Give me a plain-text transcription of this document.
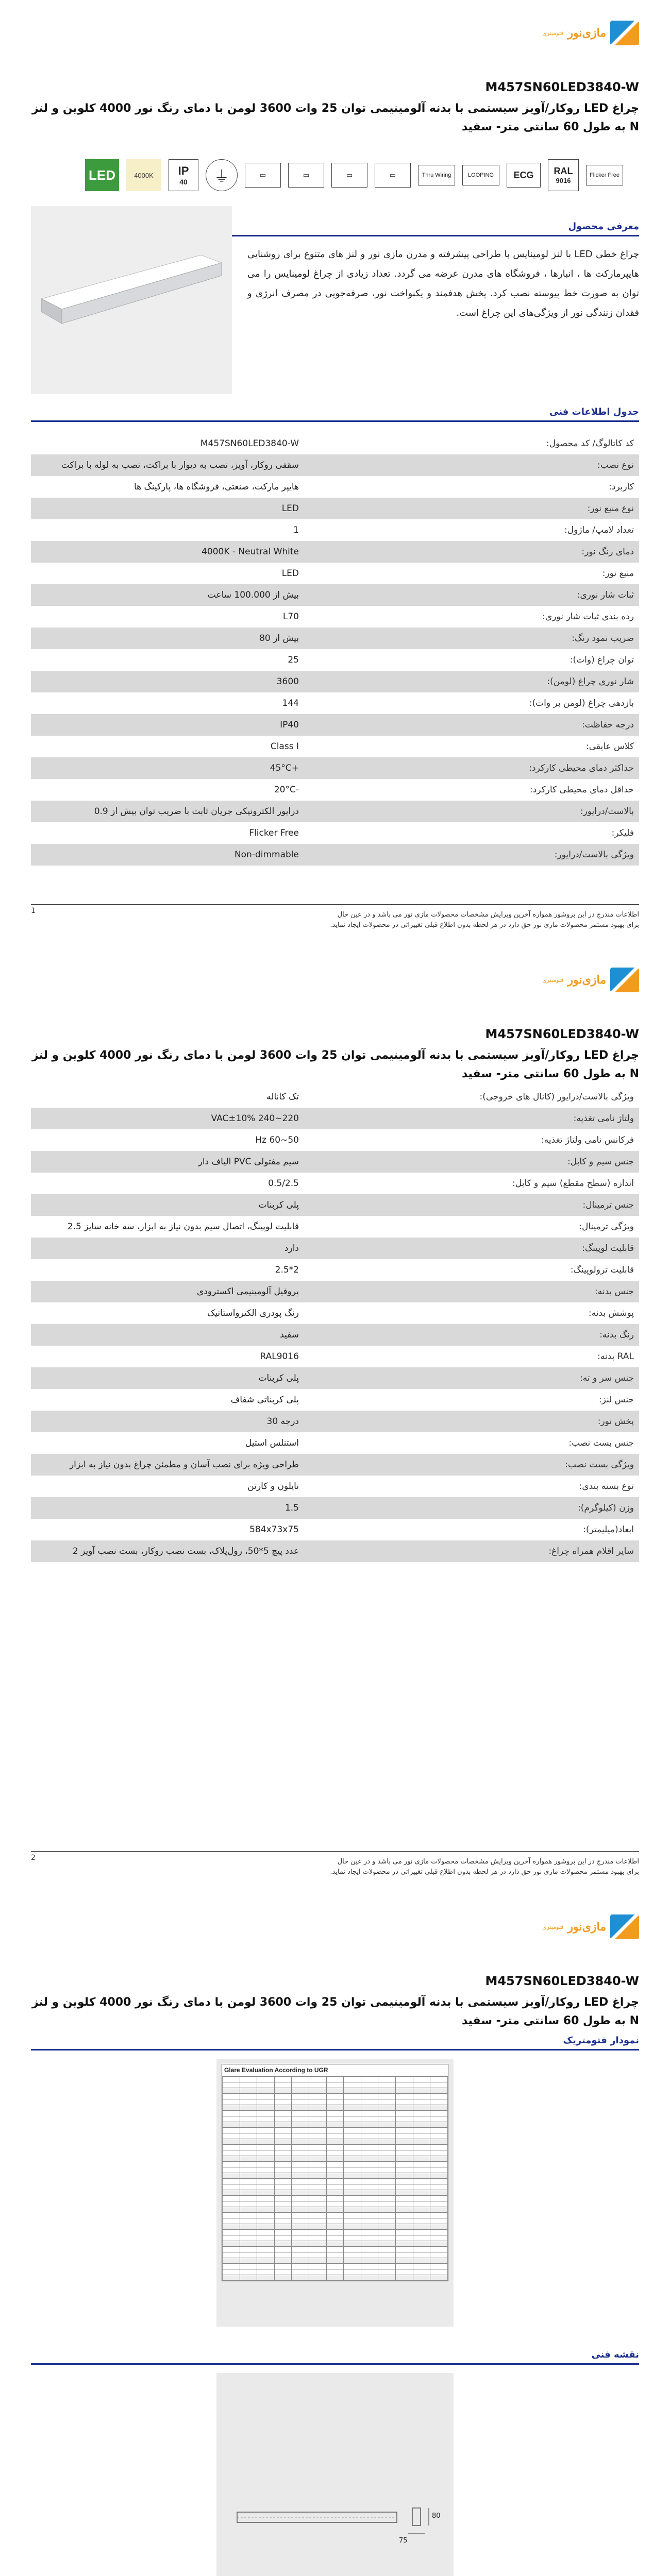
فتوميترى مازی‌نور
M457SN60LED3840-W
چراغ LED روکار/آویز سیستمی با بدنه آلومینیمی توان 25 وات 3600 لومن با دمای رنگ نور 4000 کلوین و لنز N به طول 60 سانتی متر- سفید
LED	4000K	IP
40	⏚	▭	▭	▭	▭	Thru Wiring	LOOPING	ECG	RAL
9016
Flicker Free
معرفی محصول
چراغ خطی LED با لنز لومینایس با طراحی پیشرفته و مدرن مازی نور و لنز های متنوع برای روشنایی هایپرمارکت ها ، انبارها ، فروشگاه های مدرن عرضه می گردد. تعداد زیادی از چراغ لومینایس را می توان به صورت خط پیوسته نصب کرد. پخش هدفمند و یکنواخت نور، صرفه‌جویی در مصرف انرژی و فقدان زنندگی نور از ویژگی‌های این چراغ است.
جدول اطلاعات فنی
کد کاتالوگ/ کد محصول:
M457SN60LED3840-W
نوع نصب:
سقفی روکار، آویز، نصب به دیوار با براکت، نصب به لوله با براکت
کاربرد:
هایپر مارکت، صنعتی، فروشگاه ها، پارکینگ ها
نوع منبع نور:
LED
تعداد لامپ/ ماژول:
1
دمای رنگ نور:
4000K - Neutral White
منبع نور:
LED
ثبات شار نوری:
بیش از 100.000 ساعت
رده بندی ثبات شار نوری:
L70
ضریب نمود رنگ:
بیش از 80
توان چراغ (وات):
25
شار نوری چراغ (لومن):
3600
بازدهی چراغ (لومن بر وات):
144
درجه حفاظت:
IP40
کلاس عایقی:
Class I
حداکثر دمای محیطی کارکرد:
+45°C
حداقل دمای محیطی کارکرد:
-20°C
بالاست/درایور:
درایور الکترونیکی جریان ثابت با ضریب توان بیش از 0.9
فلیکر:
Flicker Free
ویژگی بالاست/درایور:
Non-dimmable
اطلاعات مندرج در این بروشور همواره آخرین ویرایش مشخصات محصولات مازی نور می باشد و در عین حال
برای بهبود مستمر محصولات مازی نور حق دارد در هر لحظه بدون اطلاع قبلی تغییراتی در محصولات ایجاد نماید.
1
فتوميترى مازی‌نور
M457SN60LED3840-W
چراغ LED روکار/آویز سیستمی با بدنه آلومینیمی توان 25 وات 3600 لومن با دمای رنگ نور 4000 کلوین و لنز N به طول 60 سانتی متر- سفید
ویژگی بالاست/درایور (کانال های خروجی):
تک کاناله
ولتاژ نامی تغذیه:
220~240 VAC±10%
فرکانس نامی ولتاژ تغذیه:
50~60 Hz
جنس سیم و کابل:
سیم مفتولی PVC الیاف دار
اندازه (سطح مقطع) سیم و کابل:
0.5/2.5
جنس ترمینال:
پلی کربنات
ویژگی ترمینال:
قابلیت لوپینگ، اتصال سیم بدون نیاز به ابزار، سه خانه سایز 2.5
قابلیت لوپینگ:
دارد
قابلیت ترولوپینگ:
2*2.5
جنس بدنه:
پروفیل آلومینیمی اکسترودی
پوشش بدنه:
رنگ پودری الکترواستاتیک
رنگ بدنه:
سفید
RAL بدنه:
RAL9016
جنس سر و ته:
پلی کربنات
جنس لنز:
پلی کربناتی شفاف
پخش نور:
درجه 30
جنس بست نصب:
استنلس استیل
ویژگی بست نصب:
طراحی ویژه برای نصب آسان و مطمئن چراغ بدون نیاز به ابزار
نوع بسته بندی:
نایلون و کارتن
وزن (کیلوگرم):
1.5
ابعاد(میلیمتر):
584x73x75
سایر اقلام همراه چراغ:
عدد پیچ 5*50، رول‌پلاک، بست نصب روکار، بست نصب آویز 2
اطلاعات مندرج در این بروشور همواره آخرین ویرایش مشخصات محصولات مازی نور می باشد و در عین حال
برای بهبود مستمر محصولات مازی نور حق دارد در هر لحظه بدون اطلاع قبلی تغییراتی در محصولات ایجاد نماید.
2
فتوميترى مازی‌نور
M457SN60LED3840-W
چراغ LED روکار/آویز سیستمی با بدنه آلومینیمی توان 25 وات 3600 لومن با دمای رنگ نور 4000 کلوین و لنز N به طول 60 سانتی متر- سفید
نمودار فتومتریک
Glare Evaluation According to UGR

نقشه فنی
75
80
